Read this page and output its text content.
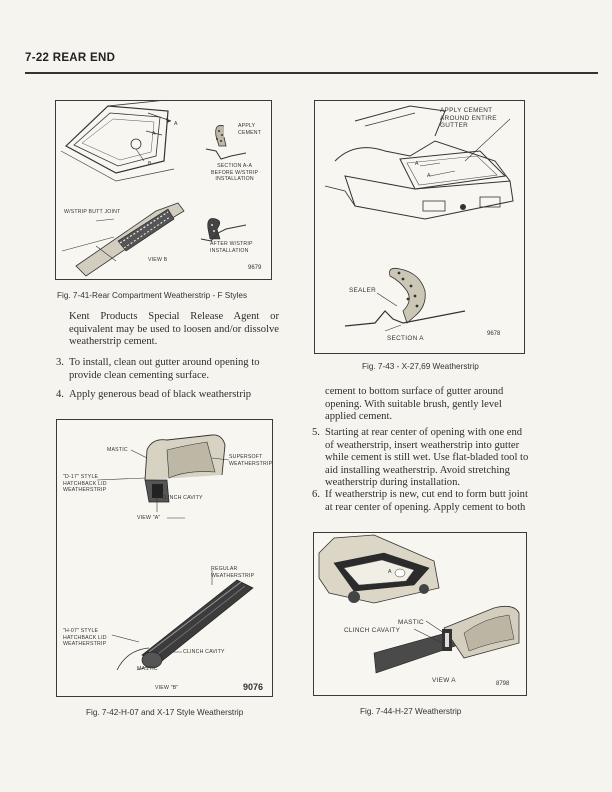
7-22 REAR END
A
A
B
APPLY
CEMENT
SECTION A-A
BEFORE W/STRIP
INSTALLATION
W/STRIP BUTT JOINT
AFTER W/STRIP
INSTALLATION
VIEW B
9679
Fig. 7-41-Rear Compartment Weatherstrip - F Styles
APPLY CEMENT
AROUND ENTIRE
GUTTER
A
A
SEALER
SECTION A
9678
Fig. 7-43 - X-27,69 Weatherstrip
Kent Products Special Release Agent or equivalent may be used to loosen and/or dissolve weatherstrip cement.
3. To install, clean out gutter around opening to provide clean cementing surface.
4. Apply generous bead of black weatherstrip	cement to bottom surface of gutter around opening. With suitable brush, gently level applied cement.
5. Starting at rear center of opening with one end of weatherstrip, insert weatherstrip into gutter while cement is still wet. Use flat-bladed tool to aid installing weatherstrip. Avoid stretching weatherstrip during installation.
6. If weatherstrip is new, cut end to form butt joint at rear center of opening. Apply cement to both
MASTIC
SUPERSOFT
WEATHERSTRIP
"D-17" STYLE
HATCHBACK LID
WEATHERSTRIP
CLINCH CAVITY
VIEW "A"
REGULAR WEATHERSTRIP
"H-07" STYLE
HATCHBACK LID
WEATHERSTRIP
CLINCH CAVITY
MASTIC
VIEW "B"	9076
Fig. 7-42-H-07 and X-17 Style Weatherstrip
A
MASTIC
CLINCH CAVAITY
VIEW A	8798
Fig. 7-44-H-27 Weatherstrip
